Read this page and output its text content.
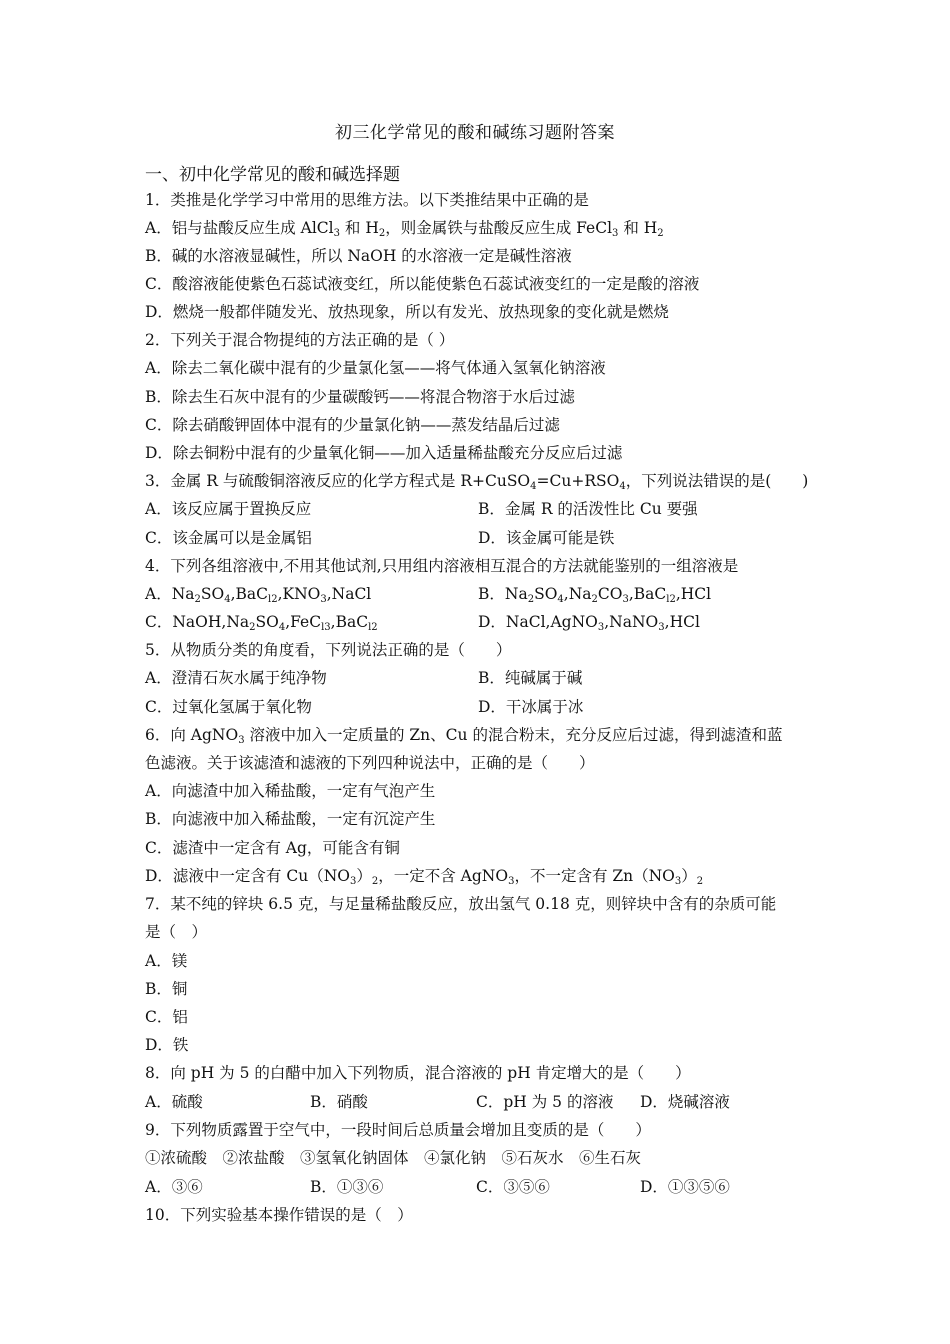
初三化学常见的酸和碱练习题附答案
一、初中化学常见的酸和碱选择题
1．类推是化学学习中常用的思维方法。以下类推结果中正确的是
A．铝与盐酸反应生成 AlCl$_3$ 和 $H_2$，则金属铁与盐酸反应生成 FeCl$_3$ 和 $H_2$
B．碱的水溶液显碱性，所以 NaOH 的水溶液一定是碱性溶液
C．酸溶液能使紫色石蕊试液变红，所以能使紫色石蕊试液变红的一定是酸的溶液
D．燃烧一般都伴随发光、放热现象，所以有发光、放热现象的变化就是燃烧
2．下列关于混合物提纯的方法正确的是（ ）
A．除去二氧化碳中混有的少量氯化氢——将气体通入氢氧化钠溶液
B．除去生石灰中混有的少量碳酸钙——将混合物溶于水后过滤
C．除去硝酸钾固体中混有的少量氯化钠——蒸发结晶后过滤
D．除去铜粉中混有的少量氧化铜——加入适量稀盐酸充分反应后过滤
3．金属 R 与硫酸铜溶液反应的化学方程式是 $R+CuSO_4=Cu+RSO_4$，下列说法错误的是(　　)
A．该反应属于置换反应	B．金属 R 的活泼性比 Cu 要强
C．该金属可以是金属铝	D．该金属可能是铁
4．下列各组溶液中,不用其他试剂,只用组内溶液相互混合的方法就能鉴别的一组溶液是
A．$Na_2SO_4,BaC_{l2},KNO_3,NaCl$	B．$Na_2SO_4,Na_2CO_3,BaC_{l2},HCl$
C．$NaOH,Na_2SO_4,FeC_{l3},BaC_{l2}$	D．NaCl,AgNO$_3$,NaNO$_3$,HCl
5．从物质分类的角度看，下列说法正确的是（　　）
A．澄清石灰水属于纯净物	B．纯碱属于碱
C．过氧化氢属于氧化物	D．干冰属于冰
6．向 AgNO$_3$ 溶液中加入一定质量的 Zn、Cu 的混合粉末，充分反应后过滤，得到滤渣和蓝
色滤液。关于该滤渣和滤液的下列四种说法中，正确的是（　　）
A．向滤渣中加入稀盐酸，一定有气泡产生
B．向滤液中加入稀盐酸，一定有沉淀产生
C．滤渣中一定含有 Ag，可能含有铜
D．滤液中一定含有 $Cu(NO_3)_2$，一定不含 AgNO$_3$，不一定含有 $Zn(NO_3)_2$
7．某不纯的锌块 6.5 克，与足量稀盐酸反应，放出氢气 0.18 克，则锌块中含有的杂质可能
是（　）
A．镁
B．铜
C．铝
D．铁
8．向 pH 为 5 的白醋中加入下列物质，混合溶液的 pH 肯定增大的是（　　）
A．硫酸	B．硝酸	C．pH 为 5 的溶液 D．烧碱溶液
9．下列物质露置于空气中，一段时间后总质量会增加且变质的是（　　）
①浓硫酸　②浓盐酸　③氢氧化钠固体　④氯化钠　⑤石灰水　⑥生石灰
A．③⑥	B．①③⑥	C．③⑤⑥	D．①③⑤⑥
10．下列实验基本操作错误的是（　）
